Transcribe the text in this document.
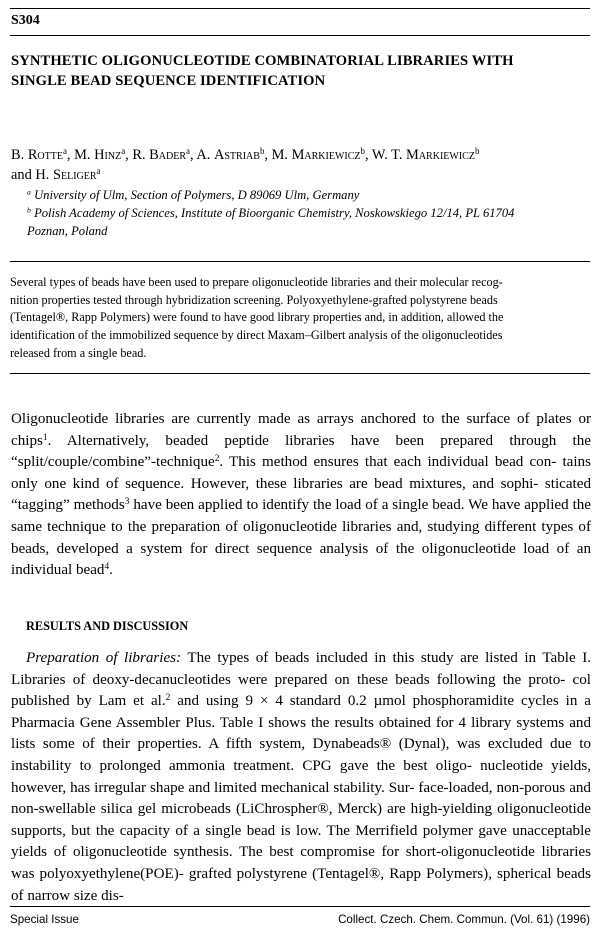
S304
SYNTHETIC OLIGONUCLEOTIDE COMBINATORIAL LIBRARIES WITH
SINGLE BEAD SEQUENCE IDENTIFICATION
B. Rotte$^a$, M. Hinz$^a$, R. Bader$^a$, A. Astriab$^b$, M. Markiewicz$^b$, W. T. Markiewicz$^b$
and H. Seliger$^a$
$^a$ University of Ulm, Section of Polymers, D 89069 Ulm, Germany
$^b$ Polish Academy of Sciences, Institute of Bioorganic Chemistry, Noskowskiego 12/14, PL 61704
Poznan, Poland
Several types of beads have been used to prepare oligonucleotide libraries and their molecular recog-
nition properties tested through hybridization screening. Polyoxyethylene-grafted polystyrene beads
(Tentagel®, Rapp Polymers) were found to have good library properties and, in addition, allowed the
identification of the immobilized sequence by direct Maxam–Gilbert analysis of the oligonucleotides
released from a single bead.
Oligonucleotide libraries are currently made as arrays anchored to the surface of plates or chips$^1$. Alternatively, beaded peptide libraries have been prepared through the “split/couple/combine”-technique$^2$. This method ensures that each individual bead con- tains only one kind of sequence. However, these libraries are bead mixtures, and sophi- sticated “tagging” methods$^3$ have been applied to identify the load of a single bead. We have applied the same technique to the preparation of oligonucleotide libraries and, studying different types of beads, developed a system for direct sequence analysis of the oligonucleotide load of an individual bead$^4$.
RESULTS AND DISCUSSION
Preparation of libraries: The types of beads included in this study are listed in Table I. Libraries of deoxy-decanucleotides were prepared on these beads following the proto- col published by Lam et al.$^2$ and using 9 × 4 standard 0.2 µmol phosphoramidite cycles in a Pharmacia Gene Assembler Plus. Table I shows the results obtained for 4 library systems and lists some of their properties. A fifth system, Dynabeads® (Dynal), was excluded due to instability to prolonged ammonia treatment. CPG gave the best oligo- nucleotide yields, however, has irregular shape and limited mechanical stability. Sur- face-loaded, non-porous and non-swellable silica gel microbeads (LiChrospher®, Merck) are high-yielding oligonucleotide supports, but the capacity of a single bead is low. The Merrifield polymer gave unacceptable yields of oligonucleotide synthesis. The best compromise for short-oligonucleotide libraries was polyoxyethylene(POE)- grafted polystyrene (Tentagel®, Rapp Polymers), spherical beads of narrow size dis-
Special Issue	Collect. Czech. Chem. Commun. (Vol. 61) (1996)
